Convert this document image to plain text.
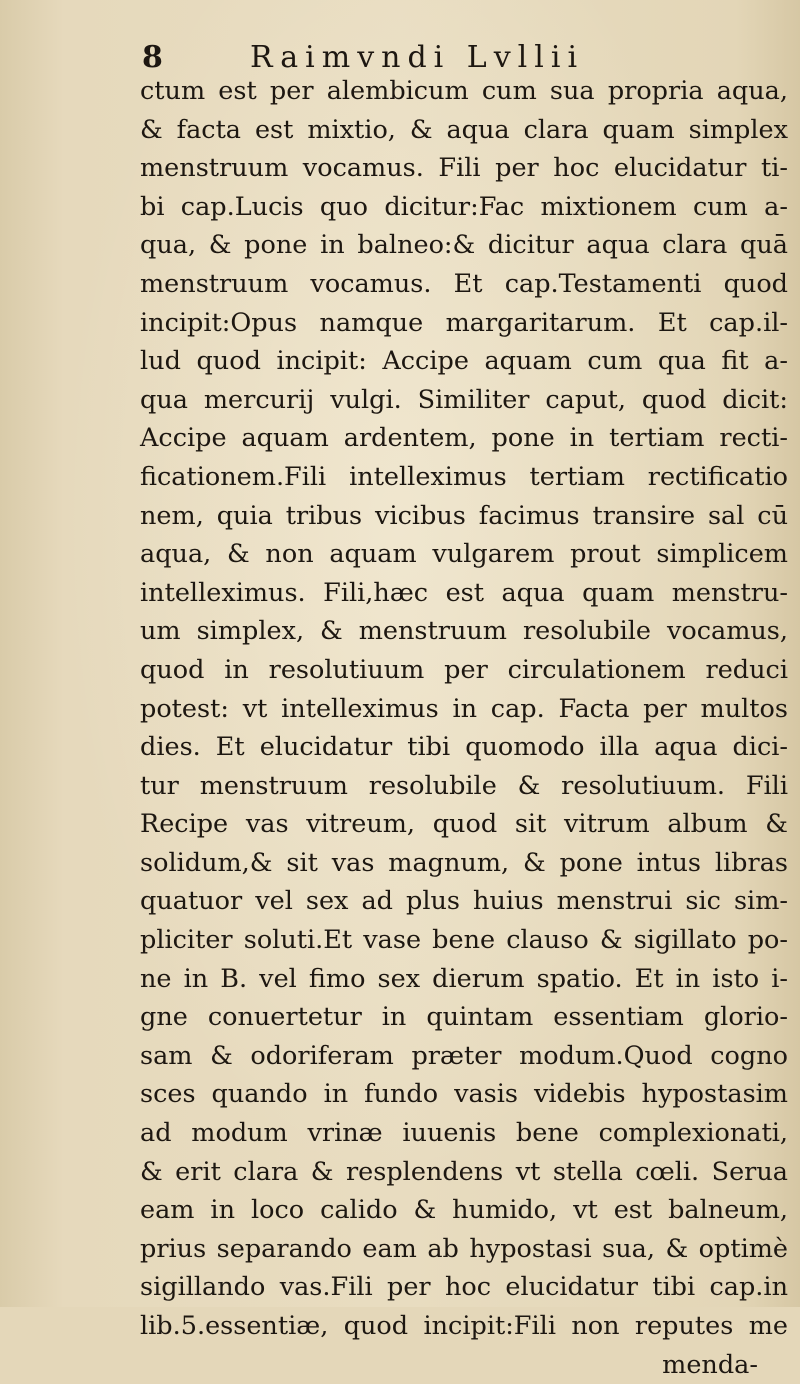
8	Raimvndi Lvllii
ctum est per alembicum cum sua propria aqua,
& facta est mixtio, & aqua clara quam simplex
menstruum vocamus. Fili per hoc elucidatur ti-
bi cap.Lucis quo dicitur:Fac mixtionem cum a-
qua, & pone in balneo:& dicitur aqua clara quā
menstruum vocamus. Et cap.Testamenti quod
incipit:Opus namque margaritarum. Et cap.il-
lud quod incipit: Accipe aquam cum qua fit a-
qua mercurij vulgi. Similiter caput, quod dicit:
Accipe aquam ardentem, pone in tertiam recti-
ficationem.Fili intelleximus tertiam rectificatio
nem, quia tribus vicibus facimus transire sal cū
aqua, & non aquam vulgarem prout simplicem
intelleximus. Fili,hæc est aqua quam menstru-
um simplex, & menstruum resolubile vocamus,
quod in resolutiuum per circulationem reduci
potest: vt intelleximus in cap. Facta per multos
dies. Et elucidatur tibi quomodo illa aqua dici-
tur menstruum resolubile & resolutiuum. Fili
Recipe vas vitreum, quod sit vitrum album &
solidum,& sit vas magnum, & pone intus libras
quatuor vel sex ad plus huius menstrui sic sim-
pliciter soluti.Et vase bene clauso & sigillato po-
ne in B. vel fimo sex dierum spatio. Et in isto i-
gne conuertetur in quintam essentiam glorio-
sam & odoriferam præter modum.Quod cogno
sces quando in fundo vasis videbis hypostasim
ad modum vrinæ iuuenis bene complexionati,
& erit clara & resplendens vt stella cœli. Serua
eam in loco calido & humido, vt est balneum,
prius separando eam ab hypostasi sua, & optimè
sigillando vas.Fili per hoc elucidatur tibi cap.in
lib.5.essentiæ, quod incipit:Fili non reputes me
menda-
